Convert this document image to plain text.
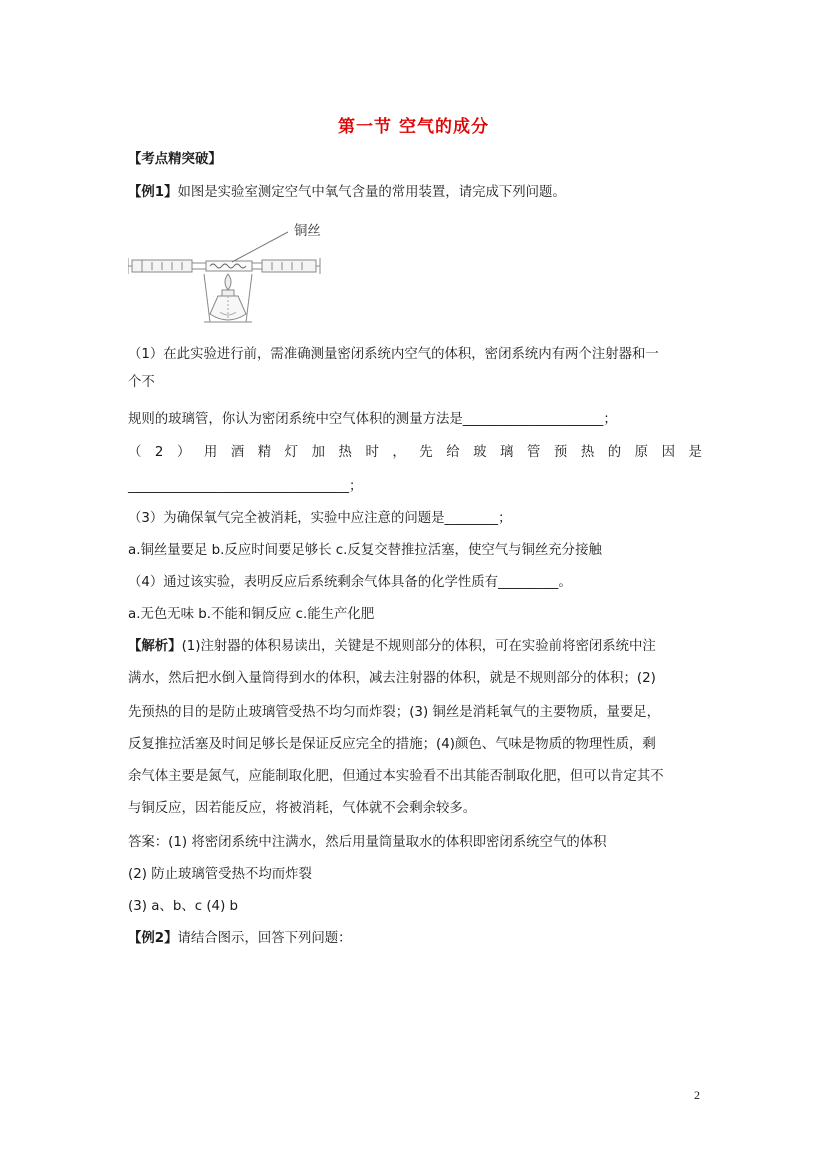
第一节 空气的成分
【考点精突破】
【例1】如图是实验室测定空气中氧气含量的常用装置，请完成下列问题。
铜丝
（1）在此实验进行前，需准确测量密闭系统内空气的体积，密闭系统内有两个注射器和一
个不
规则的玻璃管，你认为密闭系统中空气体积的测量方法是_____________________；
（ 2 ） 用 酒 精 灯 加 热 时 ， 先 给 玻 璃 管 预 热 的 原 因 是
_________________________________；
（3）为确保氧气完全被消耗，实验中应注意的问题是________；
a.铜丝量要足 b.反应时间要足够长 c.反复交替推拉活塞，使空气与铜丝充分接触
（4）通过该实验，表明反应后系统剩余气体具备的化学性质有_________。
a.无色无味 b.不能和铜反应 c.能生产化肥
【解析】(1)注射器的体积易读出，关键是不规则部分的体积，可在实验前将密闭系统中注
满水，然后把水倒入量筒得到水的体积，减去注射器的体积，就是不规则部分的体积；(2)
先预热的目的是防止玻璃管受热不均匀而炸裂；(3) 铜丝是消耗氧气的主要物质，量要足，
反复推拉活塞及时间足够长是保证反应完全的措施；(4)颜色、气味是物质的物理性质，剩
余气体主要是氮气，应能制取化肥，但通过本实验看不出其能否制取化肥，但可以肯定其不
与铜反应，因若能反应，将被消耗，气体就不会剩余较多。
答案：(1) 将密闭系统中注满水，然后用量筒量取水的体积即密闭系统空气的体积
(2) 防止玻璃管受热不均而炸裂
(3) a、b、c (4) b
【例2】请结合图示，回答下列问题：
2
